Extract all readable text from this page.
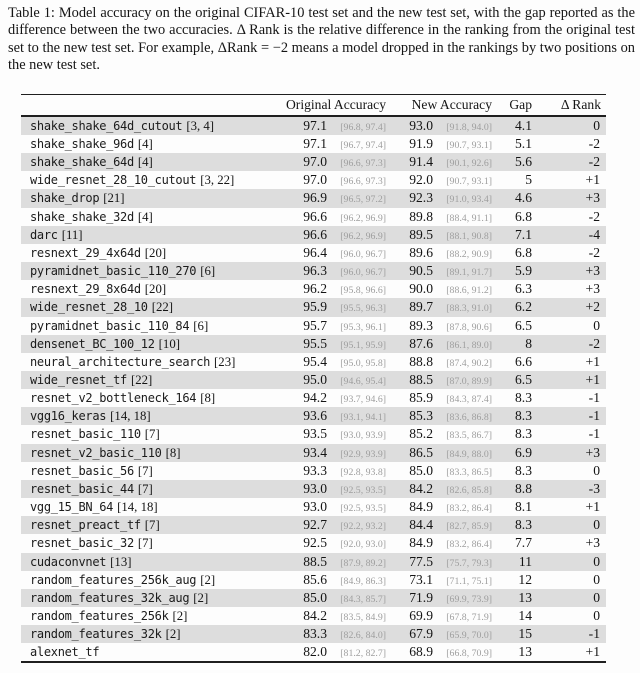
Table 1: Model accuracy on the original CIFAR-10 test set and the new test set, with the gap reported as the difference between the two accuracies. Δ Rank is the relative difference in the ranking from the original test set to the new test set. For example, ΔRank = −2 means a model dropped in the rankings by two positions on the new test set.

Original Accuracy New Accuracy Gap Δ Rank
shake_shake_64d_cutout [3, 4]	97.1 [96.8, 97.4] 93.0 [91.8, 94.0] 4.1	0
shake_shake_96d [4]	97.1 [96.7, 97.4] 91.9 [90.7, 93.1] 5.1	-2
shake_shake_64d [4]	97.0 [96.6, 97.3] 91.4 [90.1, 92.6] 5.6	-2
wide_resnet_28_10_cutout [3, 22]	97.0 [96.6, 97.3] 92.0 [90.7, 93.1] 5	+1
shake_drop [21]	96.9 [96.5, 97.2] 92.3 [91.0, 93.4] 4.6	+3
shake_shake_32d [4]	96.6 [96.2, 96.9] 89.8 [88.4, 91.1] 6.8	-2
darc [11]	96.6 [96.2, 96.9] 89.5 [88.1, 90.8] 7.1	-4
resnext_29_4x64d [20]	96.4 [96.0, 96.7] 89.6 [88.2, 90.9] 6.8	-2
pyramidnet_basic_110_270 [6]	96.3 [96.0, 96.7] 90.5 [89.1, 91.7] 5.9	+3
resnext_29_8x64d [20]	96.2 [95.8, 96.6] 90.0 [88.6, 91.2] 6.3	+3
wide_resnet_28_10 [22]	95.9 [95.5, 96.3] 89.7 [88.3, 91.0] 6.2	+2
pyramidnet_basic_110_84 [6]	95.7 [95.3, 96.1] 89.3 [87.8, 90.6] 6.5	0
densenet_BC_100_12 [10]	95.5 [95.1, 95.9] 87.6 [86.1, 89.0] 8	-2
neural_architecture_search [23]	95.4 [95.0, 95.8] 88.8 [87.4, 90.2] 6.6	+1
wide_resnet_tf [22]	95.0 [94.6, 95.4] 88.5 [87.0, 89.9] 6.5	+1
resnet_v2_bottleneck_164 [8]	94.2 [93.7, 94.6] 85.9 [84.3, 87.4] 8.3	-1
vgg16_keras [14, 18]	93.6 [93.1, 94.1] 85.3 [83.6, 86.8] 8.3	-1
resnet_basic_110 [7]	93.5 [93.0, 93.9] 85.2 [83.5, 86.7] 8.3	-1
resnet_v2_basic_110 [8]	93.4 [92.9, 93.9] 86.5 [84.9, 88.0] 6.9	+3
resnet_basic_56 [7]	93.3 [92.8, 93.8] 85.0 [83.3, 86.5] 8.3	0
resnet_basic_44 [7]	93.0 [92.5, 93.5] 84.2 [82.6, 85.8] 8.8	-3
vgg_15_BN_64 [14, 18]	93.0 [92.5, 93.5] 84.9 [83.2, 86.4] 8.1	+1
resnet_preact_tf [7]	92.7 [92.2, 93.2] 84.4 [82.7, 85.9] 8.3	0
resnet_basic_32 [7]	92.5 [92.0, 93.0] 84.9 [83.2, 86.4] 7.7	+3
cudaconvnet [13]	88.5 [87.9, 89.2] 77.5 [75.7, 79.3] 11	0
random_features_256k_aug [2]	85.6 [84.9, 86.3] 73.1 [71.1, 75.1] 12	0
random_features_32k_aug [2]	85.0 [84.3, 85.7] 71.9 [69.9, 73.9] 13	0
random_features_256k [2]	84.2 [83.5, 84.9] 69.9 [67.8, 71.9] 14	0
random_features_32k [2]	83.3 [82.6, 84.0] 67.9 [65.9, 70.0] 15	-1
alexnet_tf	82.0 [81.2, 82.7] 68.9 [66.8, 70.9] 13	+1
